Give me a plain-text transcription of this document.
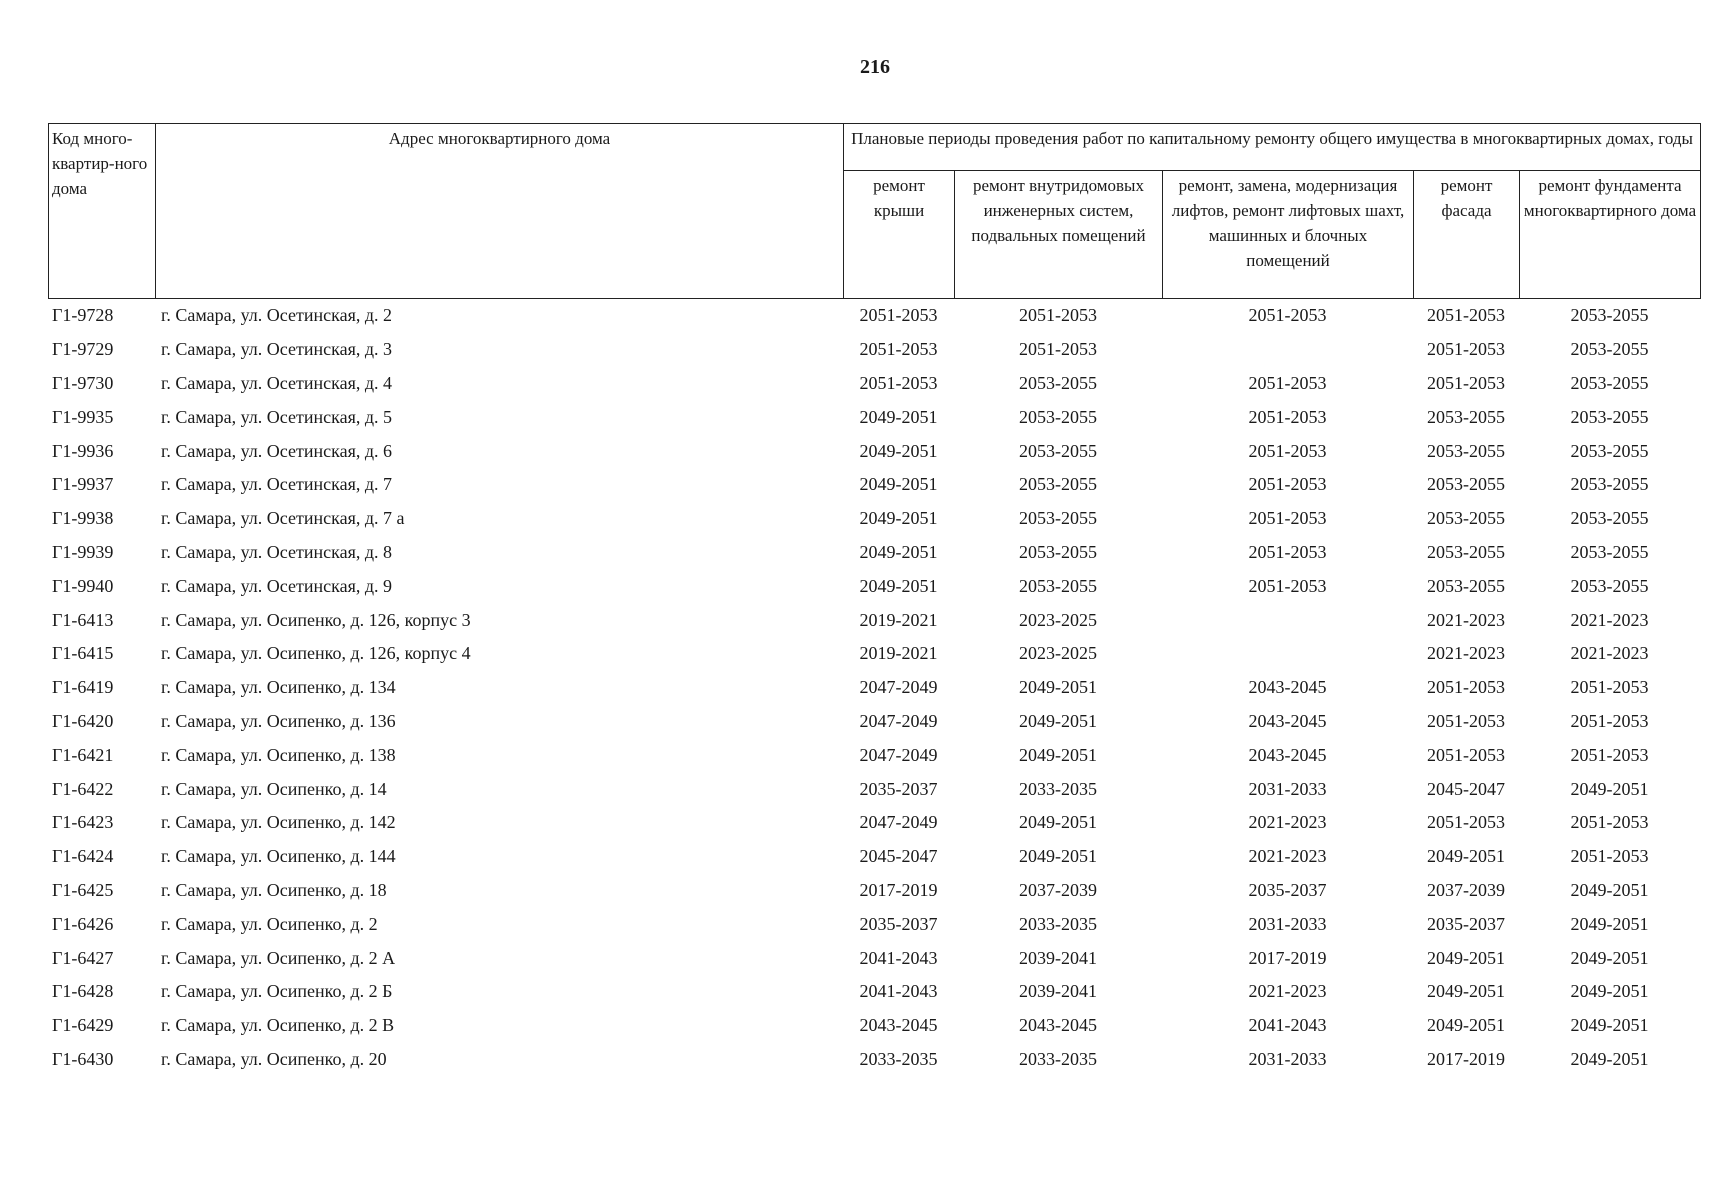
216
Код много-квартир-ного дома	Адрес многоквартирного дома	Плановые периоды проведения работ по капитальному ремонту общего имущества в многоквартирных домах, годы				
		ремонт крыши	ремонт внутридомовых инженерных систем, подвальных помещений	ремонт, замена, модернизация лифтов, ремонт лифтовых шахт, машинных и блочных помещений	ремонт фасада	ремонт фундамента многоквартирного дома
Г1-9728	г. Самара, ул. Осетинская, д. 2	2051-2053	2051-2053	2051-2053	2051-2053	2053-2055
Г1-9729	г. Самара, ул. Осетинская, д. 3	2051-2053	2051-2053		2051-2053	2053-2055
Г1-9730	г. Самара, ул. Осетинская, д. 4	2051-2053	2053-2055	2051-2053	2051-2053	2053-2055
Г1-9935	г. Самара, ул. Осетинская, д. 5	2049-2051	2053-2055	2051-2053	2053-2055	2053-2055
Г1-9936	г. Самара, ул. Осетинская, д. 6	2049-2051	2053-2055	2051-2053	2053-2055	2053-2055
Г1-9937	г. Самара, ул. Осетинская, д. 7	2049-2051	2053-2055	2051-2053	2053-2055	2053-2055
Г1-9938	г. Самара, ул. Осетинская, д. 7 а	2049-2051	2053-2055	2051-2053	2053-2055	2053-2055
Г1-9939	г. Самара, ул. Осетинская, д. 8	2049-2051	2053-2055	2051-2053	2053-2055	2053-2055
Г1-9940	г. Самара, ул. Осетинская, д. 9	2049-2051	2053-2055	2051-2053	2053-2055	2053-2055
Г1-6413	г. Самара, ул. Осипенко, д. 126, корпус 3	2019-2021	2023-2025		2021-2023	2021-2023
Г1-6415	г. Самара, ул. Осипенко, д. 126, корпус 4	2019-2021	2023-2025		2021-2023	2021-2023
Г1-6419	г. Самара, ул. Осипенко, д. 134	2047-2049	2049-2051	2043-2045	2051-2053	2051-2053
Г1-6420	г. Самара, ул. Осипенко, д. 136	2047-2049	2049-2051	2043-2045	2051-2053	2051-2053
Г1-6421	г. Самара, ул. Осипенко, д. 138	2047-2049	2049-2051	2043-2045	2051-2053	2051-2053
Г1-6422	г. Самара, ул. Осипенко, д. 14	2035-2037	2033-2035	2031-2033	2045-2047	2049-2051
Г1-6423	г. Самара, ул. Осипенко, д. 142	2047-2049	2049-2051	2021-2023	2051-2053	2051-2053
Г1-6424	г. Самара, ул. Осипенко, д. 144	2045-2047	2049-2051	2021-2023	2049-2051	2051-2053
Г1-6425	г. Самара, ул. Осипенко, д. 18	2017-2019	2037-2039	2035-2037	2037-2039	2049-2051
Г1-6426	г. Самара, ул. Осипенко, д. 2	2035-2037	2033-2035	2031-2033	2035-2037	2049-2051
Г1-6427	г. Самара, ул. Осипенко, д. 2 А	2041-2043	2039-2041	2017-2019	2049-2051	2049-2051
Г1-6428	г. Самара, ул. Осипенко, д. 2 Б	2041-2043	2039-2041	2021-2023	2049-2051	2049-2051
Г1-6429	г. Самара, ул. Осипенко, д. 2 В	2043-2045	2043-2045	2041-2043	2049-2051	2049-2051
Г1-6430	г. Самара, ул. Осипенко, д. 20	2033-2035	2033-2035	2031-2033	2017-2019	2049-2051
